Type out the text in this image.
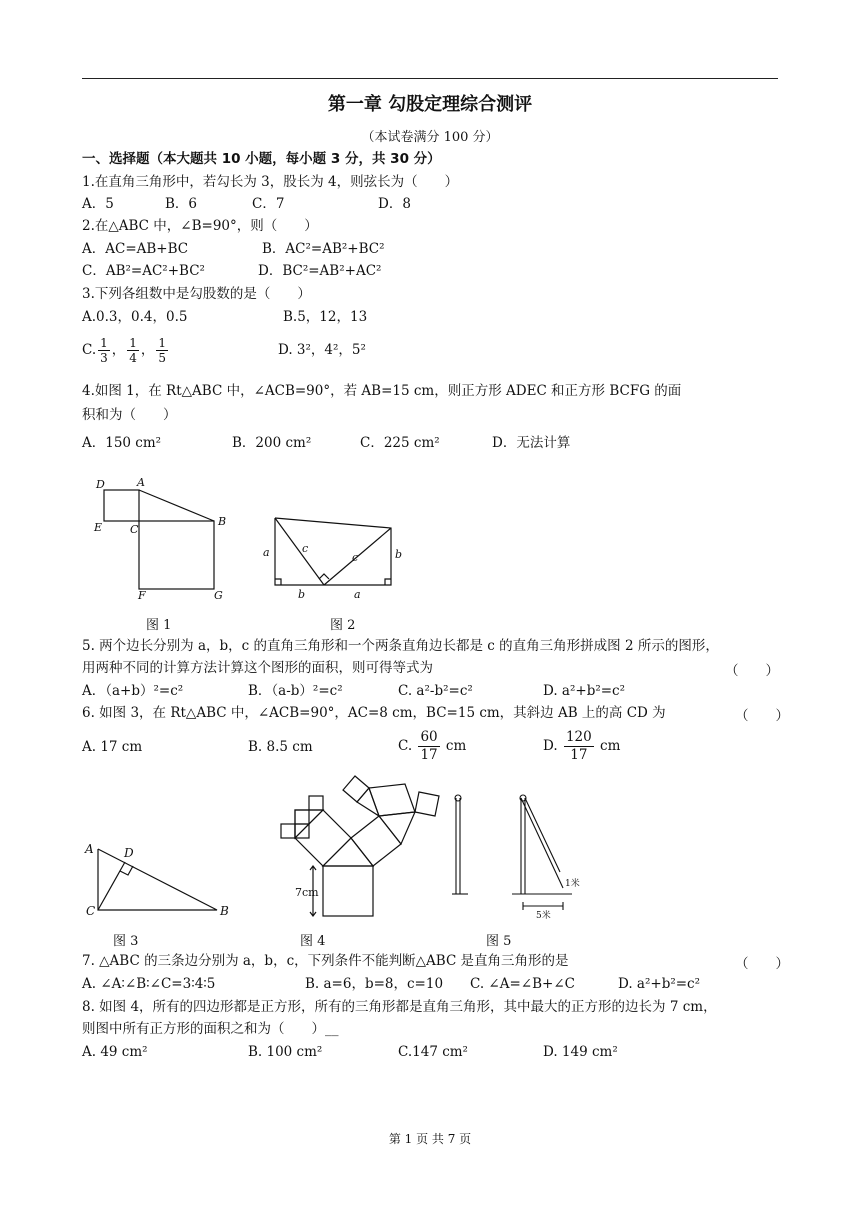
第一章 勾股定理综合测评
（本试卷满分 100 分）
一、选择题（本大题共 10 小题，每小题 3 分，共 30 分）
1.在直角三角形中，若勾长为 3，股长为 4，则弦长为（　　）
A．5	B．6	C．7	D．8
2.在△ABC 中，∠B=90°，则（　　）
A．AC=AB+BC	B．AC²=AB²+BC²
C．AB²=AC²+BC²	D．BC²=AB²+AC²
3.下列各组数中是勾股数的是（　　）
A.0.3，0.4，0.5	B.5，12，13
C. $\frac{1}{3}$ ， $\frac{1}{4}$ ， $\frac{1}{5}$	D. 3²，4²，5²
4.如图 1，在 Rt△ABC 中，∠ACB=90°，若 AB=15 cm，则正方形 ADEC 和正方形 BCFG 的面
积和为（　　）
A．150 cm²	B．200 cm²	C．225 cm²	D．无法计算
D	A
E	C
B
F	G
图 1
a	c
c	b
b	a
图 2
5. 两个边长分别为 a，b，c 的直角三角形和一个两条直角边长都是 c 的直角三角形拼成图 2 所示的图形，
用两种不同的计算方法计算这个图形的面积，则可得等式为	（　　）
A．（a+b）²=c²	B．（a-b）²=c²	C. a²-b²=c²	D. a²+b²=c²
6. 如图 3，在 Rt△ABC 中，∠ACB=90°，AC=8 cm，BC=15 cm，其斜边 AB 上的高 CD 为	（　　）
A. 17 cm	B. 8.5 cm	C. $\frac{60}{17}$ cm	D. $\frac{120}{17}$ cm
A	D
C	B
图 3
7cm
图 4
1米
5米
图 5
7. △ABC 的三条边分别为 a，b，c，下列条件不能判断△ABC 是直角三角形的是	（　　）
A. ∠A∶∠B∶∠C=3∶4∶5	B. a=6，b=8，c=10 C. ∠A=∠B+∠C	D. a²+b²=c²
8. 如图 4，所有的四边形都是正方形，所有的三角形都是直角三角形，其中最大的正方形的边长为 7 cm，
则图中所有正方形的面积之和为（　　）__
A. 49 cm²	B. 100 cm²	C.147 cm²	D. 149 cm²
第 1 页 共 7 页
